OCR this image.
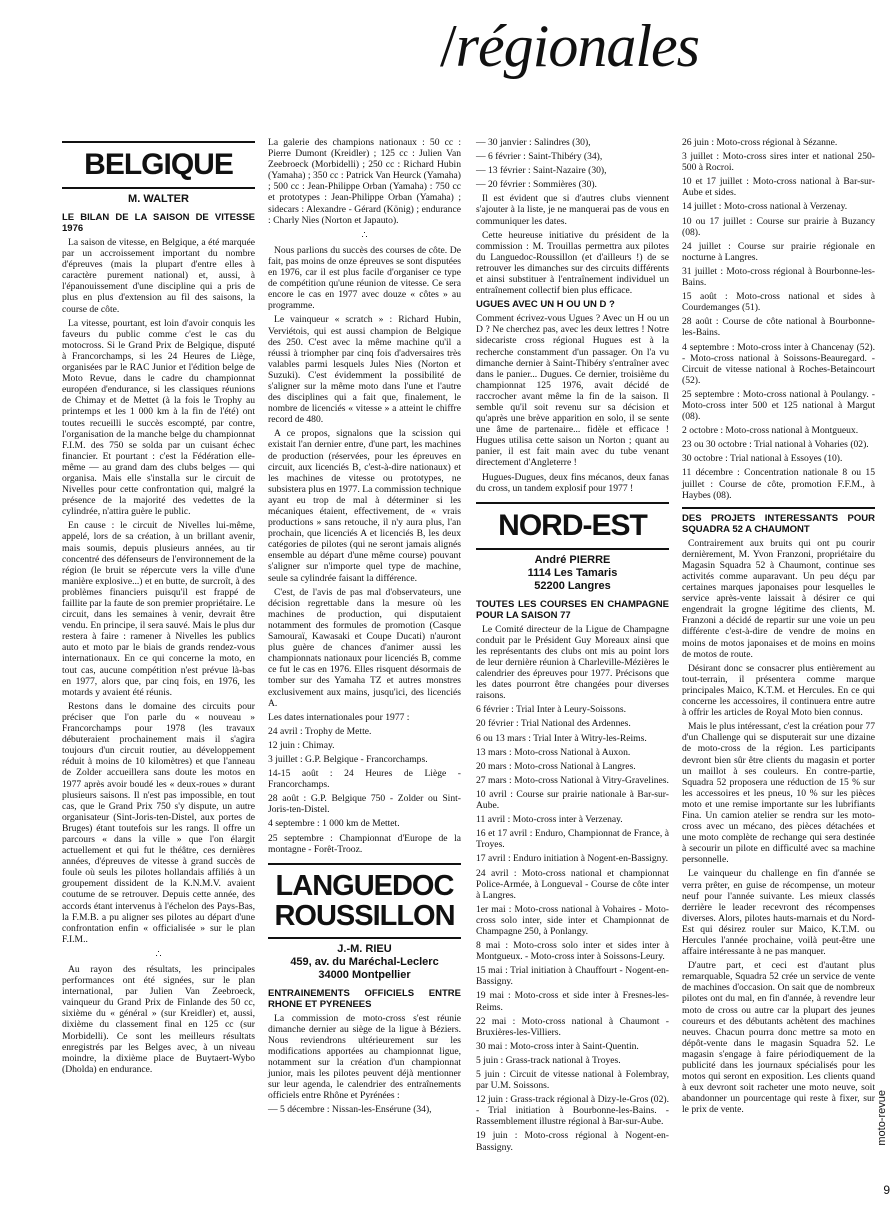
/régionales
BELGIQUE
M. WALTER
LE BILAN DE LA SAISON DE VITESSE 1976

La saison de vitesse, en Belgique, a été marquée par un accroissement important du nombre d'épreuves (mais la plupart d'entre elles à caractère purement national) et, aussi, à l'épanouissement d'une discipline qui a pris de plus en plus d'extension au fil des saisons, la course de côte.

La vitesse, pourtant, est loin d'avoir conquis les faveurs du public comme c'est le cas du motocross. Si le Grand Prix de Belgique, disputé à Francorchamps, si les 24 Heures de Liège, organisées par le RAC Junior et l'édition belge de Moto Revue, dans le cadre du championnat européen d'endurance, si les classiques réunions de Chimay et de Mettet (à la fois le Trophy au printemps et les 1 000 km à la fin de l'été) ont toutes recueilli le succès escompté, par contre, l'organisation de la manche belge du championnat F.I.M. des 750 se solda par un cuisant échec financier. Et pourtant : c'est la Fédération elle-même — au grand dam des clubs belges — qui organisa. Mais elle s'installa sur le circuit de Nivelles pour cette confrontation qui, malgré la présence de la majorité des vedettes de la cylindrée, n'attira guère le public.

En cause : le circuit de Nivelles lui-même, appelé, lors de sa création, à un brillant avenir, mais soumis, depuis plusieurs années, au tir concentré des défenseurs de l'environnement de la région (le bruit se répercute vers la ville d'une manière explosive...) et en butte, de surcroît, à des problèmes financiers puisqu'il est frappé de faillite par la faute de son premier propriétaire. Le circuit, dans les semaines à venir, devrait être vendu. En principe, il sera sauvé. Mais le plus dur restera à faire : ramener à Nivelles les publics auto et moto par le biais de grands rendez-vous internationaux. En ce qui concerne la moto, en tout cas, aucune compétition n'est prévue là-bas en 1977, alors que, par cinq fois, en 1976, les motards y avaient été réunis.

Restons dans le domaine des circuits pour préciser que l'on parle du « nouveau » Francorchamps pour 1978 (les travaux débuteraient prochainement mais il s'agira toujours d'un circuit routier, au développement réduit à moins de 10 kilomètres) et que l'anneau de Zolder accueillera sans doute les motos en 1977 après avoir boudé les « deux-roues » durant plusieurs saisons. Il n'est pas impossible, en tout cas, que le Grand Prix 750 s'y dispute, un autre organisateur (Sint-Joris-ten-Distel, aux portes de Bruges) étant toutefois sur les rangs. Il offre un parcours « dans la ville » que l'on élargit actuellement et qui fut le théâtre, ces dernières années, d'épreuves de vitesse à grand succès de foule où seuls les pilotes hollandais affiliés à un groupement dissident de la K.N.M.V. avaient coutume de se retrouver. Depuis cette année, des accords étant intervenus à l'échelon des Pays-Bas, la F.M.B. a pu aligner ses pilotes au départ d'une confrontation enfin « officialisée » sur le plan F.I.M..

∴

Au rayon des résultats, les principales performances ont été signées, sur le plan international, par Julien Van Zeebroeck, vainqueur du Grand Prix de Finlande des 50 cc, sixième du « général » (sur Kreidler) et, aussi, dixième du classement final en 125 cc (sur Morbidelli). Ce sont les meilleurs résultats enregistrés par les Belges avec, à un niveau moindre, la dixième place de Buytaert-Wybo (Dholda) en endurance.

La galerie des champions nationaux : 50 cc : Pierre Dumont (Kreidler) ; 125 cc : Julien Van Zeebroeck (Morbidelli) ; 250 cc : Richard Hubin (Yamaha) ; 350 cc : Patrick Van Heurck (Yamaha) ; 500 cc : Jean-Philippe Orban (Yamaha) : 750 cc et prototypes : Jean-Philippe Orban (Yamaha) ; sidecars : Alexandre - Gérard (König) ; endurance : Charly Nies (Norton et Japauto).

∴

Nous parlions du succès des courses de côte. De fait, pas moins de onze épreuves se sont disputées en 1976, car il est plus facile d'organiser ce type de compétition qu'une réunion de vitesse. Ce sera encore le cas en 1977 avec douze « côtes » au programme.

Le vainqueur « scratch » : Richard Hubin, Verviétois, qui est aussi champion de Belgique des 250. C'est avec la même machine qu'il a réussi à triompher par cinq fois d'adversaires très valables parmi lesquels Jules Nies (Norton et Suzuki). C'est évidemment la possibilité de s'aligner sur la même moto dans l'une et l'autre des disciplines qui a fait que, finalement, le nombre de licenciés « vitesse » a atteint le chiffre record de 480.

A ce propos, signalons que la scission qui existait l'an dernier entre, d'une part, les machines de production (réservées, pour les épreuves en circuit, aux licenciés B, c'est-à-dire nationaux) et les machines de vitesse ou prototypes, ne subsistera plus en 1977. La commission technique ayant eu trop de mal à déterminer si les mécaniques étaient, effectivement, de « vrais productions » sans retouche, il n'y aura plus, l'an prochain, que licenciés A et licenciés B, les deux catégories de pilotes (qui ne seront jamais alignés ensemble au départ d'une même course) pouvant s'aligner sur n'importe quel type de machine, seule sa cylindrée faisant la différence.

C'est, de l'avis de pas mal d'observateurs, une décision regrettable dans la mesure où les machines de production, qui disputaient notamment des formules de promotion (Casque Samouraï, Kawasaki et Coupe Ducati) n'auront plus guère de chances d'animer aussi les championnats nationaux pour licenciés B, comme ce fut le cas en 1976. Elles risquent désormais de tomber sur des Yamaha TZ et autres monstres exclusivement aux mains, jusqu'ici, des licenciés A.

Les dates internationales pour 1977 :

24 avril : Trophy de Mette.

12 juin : Chimay.

3 juillet : G.P. Belgique - Francorchamps.

14-15 août : 24 Heures de Liège - Francorchamps.

28 août : G.P. Belgique 750 - Zolder ou Sint-Joris-ten-Distel.

4 septembre : 1 000 km de Mettet.

25 septembre : Championnat d'Europe de la montagne - Forêt-Trooz.

LANGUEDOC
ROUSSILLON
J.-M. RIEU
459, av. du Maréchal-Leclerc
34000 Montpellier
ENTRAINEMENTS OFFICIELS ENTRE RHONE ET PYRENEES

La commission de moto-cross s'est réunie dimanche dernier au siège de la ligue à Béziers. Nous reviendrons ultérieurement sur les modifications apportées au championnat ligue, notamment sur la création d'un championnat junior, mais les pilotes peuvent déjà mentionner sur leur agenda, le calendrier des entraînements officiels entre Rhône et Pyrénées :

— 5 décembre : Nissan-les-Ensérune (34),

— 30 janvier : Salindres (30),

— 6 février : Saint-Thibéry (34),

— 13 février : Saint-Nazaire (30),

— 20 février : Sommières (30).

Il est évident que si d'autres clubs viennent s'ajouter à la liste, je ne manquerai pas de vous en communiquer les dates.

Cette heureuse initiative du président de la commission : M. Trouillas permettra aux pilotes du Languedoc-Roussillon (et d'ailleurs !) de se retrouver les dimanches sur des circuits différents et ainsi substituer à l'entraînement individuel un entraînement collectif bien plus efficace.

UGUES AVEC UN H OU UN D ?

Comment écrivez-vous Ugues ? Avec un H ou un D ? Ne cherchez pas, avec les deux lettres ! Notre sidecariste cross régional Hugues est à la recherche constamment d'un passager. On l'a vu dimanche dernier à Saint-Thibéry s'entraîner avec dans le panier... Dugues. Ce dernier, troisième du championnat 125 1976, avait décidé de raccrocher avant même la fin de la saison. Il semble qu'il soit revenu sur sa décision et qu'après une brève apparition en solo, il se sente une âme de partenaire... fidèle et efficace ! Hugues utilisa cette saison un Norton ; quant au panier, il est fait main avec du tube venant directement d'Angleterre !

Hugues-Dugues, deux fins mécanos, deux fanas du cross, un tandem explosif pour 1977 !

NORD-EST
André PIERRE
1114 Les Tamaris
52200 Langres
TOUTES LES COURSES EN CHAMPAGNE POUR LA SAISON 77

Le Comité directeur de la Ligue de Champagne conduit par le Président Guy Moreaux ainsi que les représentants des clubs ont mis au point lors de leur dernière réunion à Charleville-Mézières le calendrier des épreuves pour 1977. Précisons que les dates pourront être changées pour diverses raisons.

6 février : Trial Inter à Leury-Soissons.

20 février : Trial National des Ardennes.

6 ou 13 mars : Trial Inter à Witry-les-Reims.

13 mars : Moto-cross National à Auxon.

20 mars : Moto-cross National à Langres.

27 mars : Moto-cross National à Vitry-Gravelines.

10 avril : Course sur prairie nationale à Bar-sur-Aube.

11 avril : Moto-cross inter à Verzenay.

16 et 17 avril : Enduro, Championnat de France, à Troyes.

17 avril : Enduro initiation à Nogent-en-Bassigny.

24 avril : Moto-cross national et championnat Police-Armée, à Longueval - Course de côte inter à Langres.

1er mai : Moto-cross national à Vohaires - Moto-cross solo inter, side inter et Championnat de Champagne 250, à Ponlangy.

8 mai : Moto-cross solo inter et sides inter à Montgueux. - Moto-cross inter à Soissons-Leury.

15 mai : Trial initiation à Chauffourt - Nogent-en-Bassigny.

19 mai : Moto-cross et side inter à Fresnes-les-Reims.

22 mai : Moto-cross national à Chaumont - Bruxières-les-Villiers.

30 mai : Moto-cross inter à Saint-Quentin.

5 juin : Grass-track national à Troyes.

5 juin : Circuit de vitesse national à Folembray, par U.M. Soissons.

12 juin : Grass-track régional à Dizy-le-Gros (02). - Trial initiation à Bourbonne-les-Bains. - Rassemblement illustre régional à Bar-sur-Aube.

19 juin : Moto-cross régional à Nogent-en-Bassigny.

26 juin : Moto-cross régional à Sézanne.

3 juillet : Moto-cross sires inter et national 250-500 à Rocroi.

10 et 17 juillet : Moto-cross national à Bar-sur-Aube et sides.

14 juillet : Moto-cross national à Verzenay.

10 ou 17 juillet : Course sur prairie à Buzancy (08).

24 juillet : Course sur prairie régionale en nocturne à Langres.

31 juillet : Moto-cross régional à Bourbonne-les-Bains.

15 août : Moto-cross national et sides à Courdemanges (51).

28 août : Course de côte national à Bourbonne-les-Bains.

4 septembre : Moto-cross inter à Chancenay (52). - Moto-cross national à Soissons-Beauregard. - Circuit de vitesse national à Roches-Betaincourt (52).

25 septembre : Moto-cross national à Poulangy. - Moto-cross inter 500 et 125 national à Margut (08).

2 octobre : Moto-cross national à Montgueux.

23 ou 30 octobre : Trial national à Voharies (02).

30 octobre : Trial national à Essoyes (10).

11 décembre : Concentration nationale 8 ou 15 juillet : Course de côte, promotion F.F.M., à Haybes (08).

DES PROJETS INTERESSANTS POUR SQUADRA 52 A CHAUMONT

Contrairement aux bruits qui ont pu courir dernièrement, M. Yvon Franzoni, propriétaire du Magasin Squadra 52 à Chaumont, continue ses activités comme auparavant. Un peu déçu par certaines marques japonaises pour lesquelles le service après-vente laissait à désirer ce qui engendrait la grogne légitime des clients, M. Franzoni a décidé de repartir sur une voie un peu différente c'est-à-dire de vendre de moins en moins de motos japonaises et de moins en moins de motos de route.

Désirant donc se consacrer plus entièrement au tout-terrain, il présentera comme marque principales Maico, K.T.M. et Hercules. En ce qui concerne les accessoires, il continuera entre autre à offrir les articles de Royal Moto bien connus.

Mais le plus intéressant, c'est la création pour 77 d'un Challenge qui se disputerait sur une dizaine de moto-cross de la région. Les participants devront bien sûr être clients du magasin et porter un maillot à ses couleurs. En contre-partie, Squadra 52 proposera une réduction de 15 % sur les accessoires et les pneus, 10 % sur les pièces moto et une remise importante sur les lubrifiants Fina. Un camion atelier se rendra sur les moto-cross avec un mécano, des pièces détachées et une moto complète de rechange qui sera destinée à secourir un pilote en difficulté avec sa machine personnelle.

Le vainqueur du challenge en fin d'année se verra prêter, en guise de récompense, un moteur neuf pour l'année suivante. Les mieux classés derrière le leader recevront des récompenses diverses. Alors, pilotes hauts-marnais et du Nord-Est qui désirez rouler sur Maico, K.T.M. ou Hercules l'année prochaine, voilà peut-être une affaire intéressante à ne pas manquer.

D'autre part, et ceci est d'autant plus remarquable, Squadra 52 crée un service de vente de machines d'occasion. On sait que de nombreux pilotes ont du mal, en fin d'année, à revendre leur moto de cross ou autre car la plupart des jeunes coureurs et des débutants achètent des machines neuves. Chacun pourra donc mettre sa moto en dépôt-vente dans le magasin Squadra 52. Le magasin s'engage à faire périodiquement de la publicité dans les journaux spécialisés pour les motos qui seront en exposition. Les clients quand à eux devront soit racheter une moto neuve, soit abandonner un pourcentage qui reste à fixer, sur le prix de vente.	moto-revue
9
